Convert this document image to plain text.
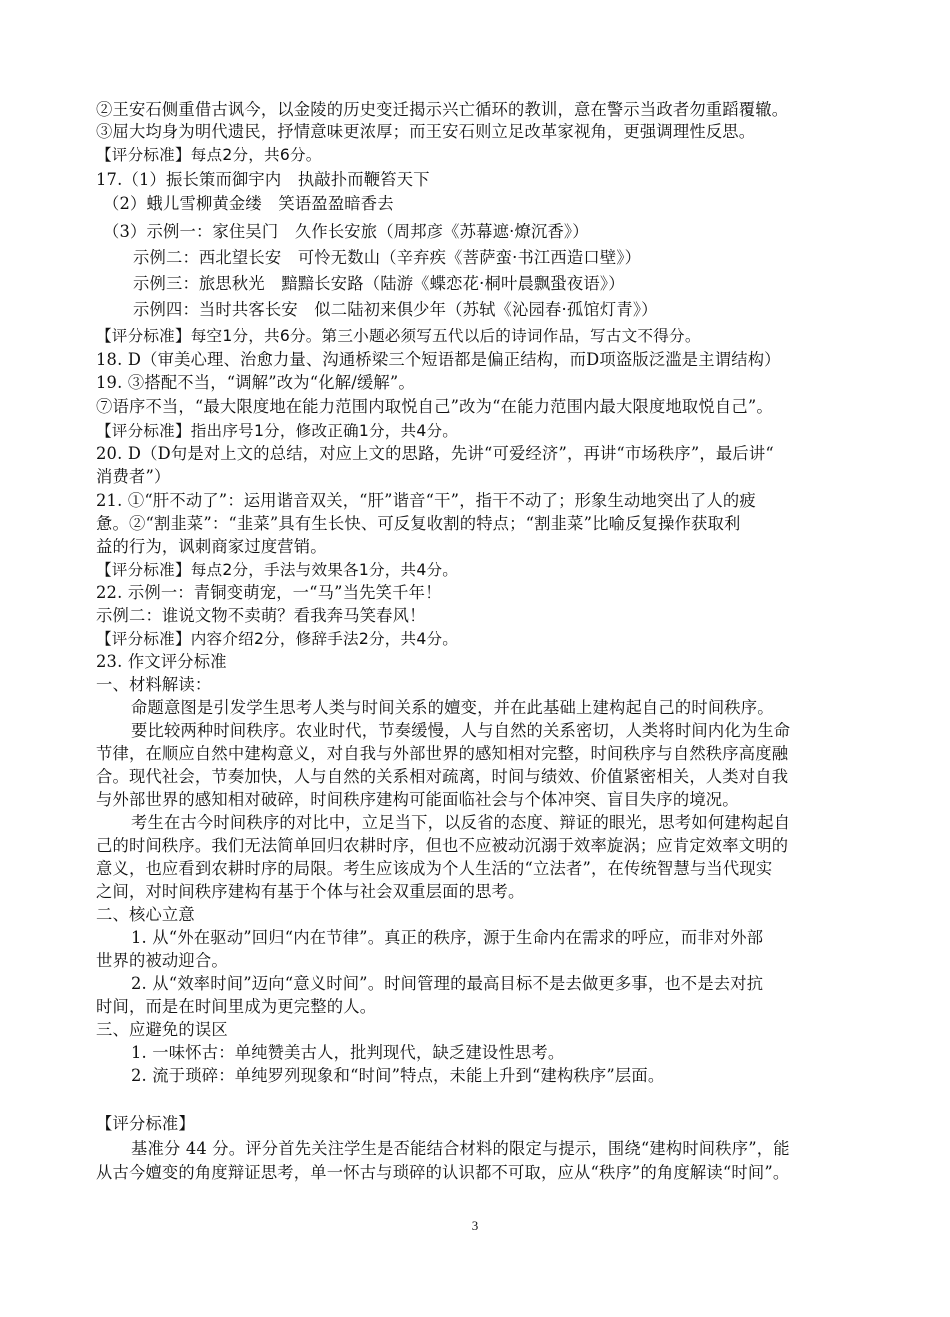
②王安石侧重借古讽今，以金陵的历史变迁揭示兴亡循环的教训，意在警示当政者勿重蹈覆辙。
③屈大均身为明代遗民，抒情意味更浓厚；而王安石则立足改革家视角，更强调理性反思。
【评分标准】每点2分，共6分。
17.（1）振长策而御宇内　执敲扑而鞭笞天下
（2）蛾儿雪柳黄金缕　笑语盈盈暗香去
（3）示例一：家住吴门　久作长安旅（周邦彦《苏幕遮·燎沉香》）
示例二：西北望长安　可怜无数山（辛弃疾《菩萨蛮·书江西造口壁》）
示例三：旅思秋光　黯黯长安路（陆游《蝶恋花·桐叶晨飘蛩夜语》）
示例四：当时共客长安　似二陆初来俱少年（苏轼《沁园春·孤馆灯青》）
【评分标准】每空1分，共6分。第三小题必须写五代以后的诗词作品，写古文不得分。
18. D（审美心理、治愈力量、沟通桥梁三个短语都是偏正结构，而D项盗版泛滥是主谓结构）
19. ③搭配不当，“调解”改为“化解/缓解”。
⑦语序不当，“最大限度地在能力范围内取悦自己”改为“在能力范围内最大限度地取悦自己”。
【评分标准】指出序号1分，修改正确1分，共4分。
20. D（D句是对上文的总结，对应上文的思路，先讲“可爱经济”，再讲“市场秩序”，最后讲“
消费者”）
21. ①“肝不动了”：运用谐音双关，“肝”谐音“干”，指干不动了；形象生动地突出了人的疲
惫。②“割韭菜”：“韭菜”具有生长快、可反复收割的特点；“割韭菜”比喻反复操作获取利
益的行为，讽刺商家过度营销。
【评分标准】每点2分，手法与效果各1分，共4分。
22. 示例一：青铜变萌宠，一“马”当先笑千年！
示例二：谁说文物不卖萌？看我奔马笑春风！
【评分标准】内容介绍2分，修辞手法2分，共4分。
23. 作文评分标准
一、材料解读：
命题意图是引发学生思考人类与时间关系的嬗变，并在此基础上建构起自己的时间秩序。
要比较两种时间秩序。农业时代，节奏缓慢，人与自然的关系密切，人类将时间内化为生命
节律，在顺应自然中建构意义，对自我与外部世界的感知相对完整，时间秩序与自然秩序高度融
合。现代社会，节奏加快，人与自然的关系相对疏离，时间与绩效、价值紧密相关，人类对自我
与外部世界的感知相对破碎，时间秩序建构可能面临社会与个体冲突、盲目失序的境况。
考生在古今时间秩序的对比中，立足当下，以反省的态度、辩证的眼光，思考如何建构起自
己的时间秩序。我们无法简单回归农耕时序，但也不应被动沉溺于效率旋涡；应肯定效率文明的
意义，也应看到农耕时序的局限。考生应该成为个人生活的“立法者”，在传统智慧与当代现实
之间，对时间秩序建构有基于个体与社会双重层面的思考。
二、核心立意
1. 从“外在驱动”回归“内在节律”。真正的秩序，源于生命内在需求的呼应，而非对外部
世界的被动迎合。
2. 从“效率时间”迈向“意义时间”。时间管理的最高目标不是去做更多事，也不是去对抗
时间，而是在时间里成为更完整的人。
三、应避免的误区
1. 一味怀古：单纯赞美古人，批判现代，缺乏建设性思考。
2. 流于琐碎：单纯罗列现象和“时间”特点，未能上升到“建构秩序”层面。
【评分标准】
基准分 44 分。评分首先关注学生是否能结合材料的限定与提示，围绕“建构时间秩序”，能
从古今嬗变的角度辩证思考，单一怀古与琐碎的认识都不可取，应从“秩序”的角度解读“时间”。
3
